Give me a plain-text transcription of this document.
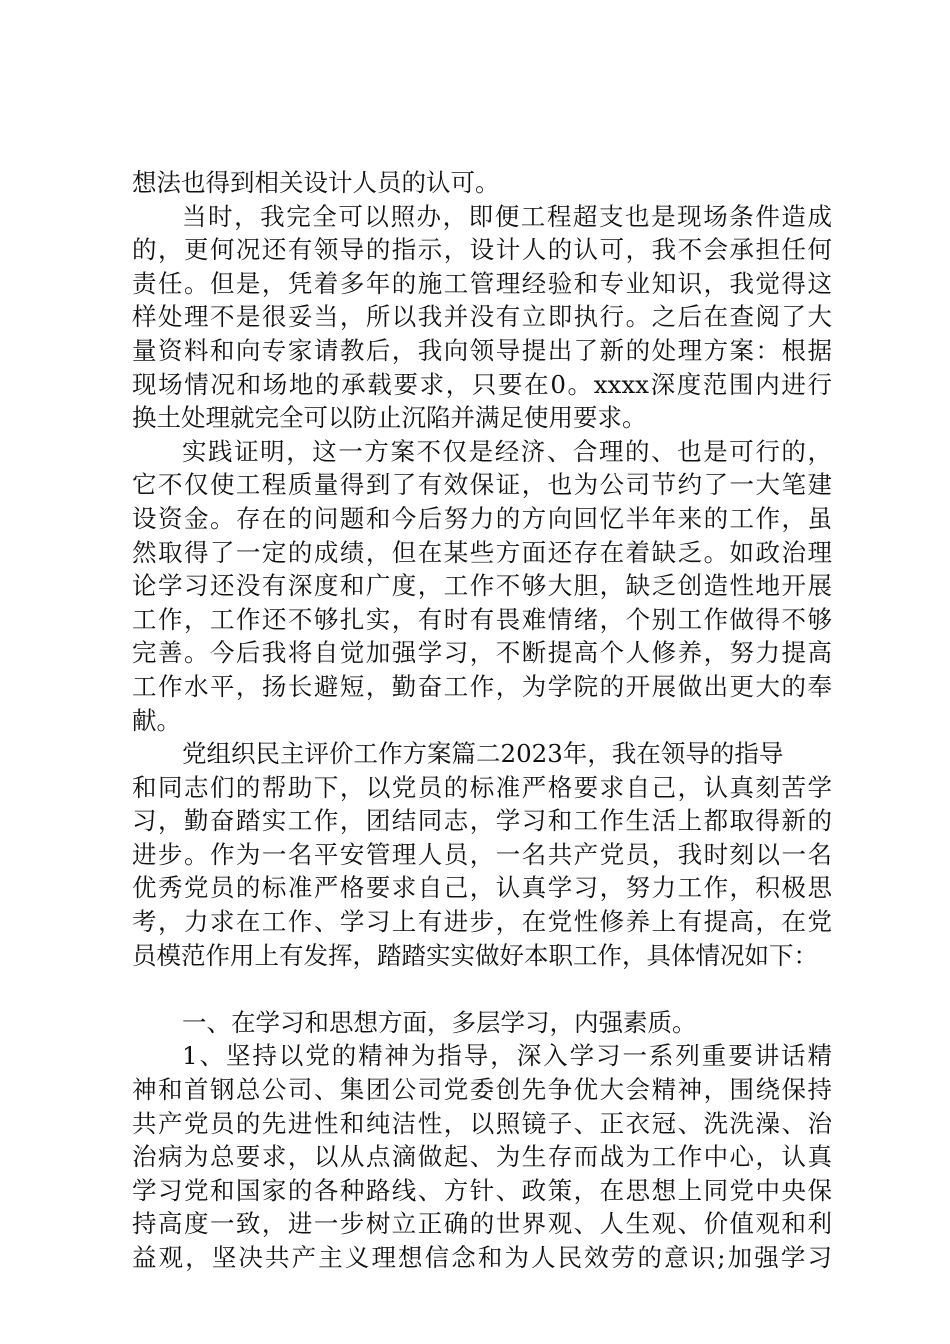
想法也得到相关设计人员的认可。
当时，我完全可以照办，即便工程超支也是现场条件造成
的，更何况还有领导的指示，设计人的认可，我不会承担任何
责任。但是，凭着多年的施工管理经验和专业知识，我觉得这
样处理不是很妥当，所以我并没有立即执行。之后在查阅了大
量资料和向专家请教后，我向领导提出了新的处理方案：根据
现场情况和场地的承载要求，只要在0。xxxx深度范围内进行
换土处理就完全可以防止沉陷并满足使用要求。
实践证明，这一方案不仅是经济、合理的、也是可行的，
它不仅使工程质量得到了有效保证，也为公司节约了一大笔建
设资金。存在的问题和今后努力的方向回忆半年来的工作，虽
然取得了一定的成绩，但在某些方面还存在着缺乏。如政治理
论学习还没有深度和广度，工作不够大胆，缺乏创造性地开展
工作，工作还不够扎实，有时有畏难情绪，个别工作做得不够
完善。今后我将自觉加强学习，不断提高个人修养，努力提高
工作水平，扬长避短，勤奋工作，为学院的开展做出更大的奉
献。
党组织民主评价工作方案篇二2023年，我在领导的指导
和同志们的帮助下，以党员的标准严格要求自己，认真刻苦学
习，勤奋踏实工作，团结同志，学习和工作生活上都取得新的
进步。作为一名平安管理人员，一名共产党员，我时刻以一名
优秀党员的标准严格要求自己，认真学习，努力工作，积极思
考，力求在工作、学习上有进步，在党性修养上有提高，在党
员模范作用上有发挥，踏踏实实做好本职工作，具体情况如下：
一、在学习和思想方面，多层学习，内强素质。
1、坚持以党的精神为指导，深入学习一系列重要讲话精
神和首钢总公司、集团公司党委创先争优大会精神，围绕保持
共产党员的先进性和纯洁性，以照镜子、正衣冠、洗洗澡、治
治病为总要求，以从点滴做起、为生存而战为工作中心，认真
学习党和国家的各种路线、方针、政策，在思想上同党中央保
持高度一致，进一步树立正确的世界观、人生观、价值观和利
益观，坚决共产主义理想信念和为人民效劳的意识;加强学习
